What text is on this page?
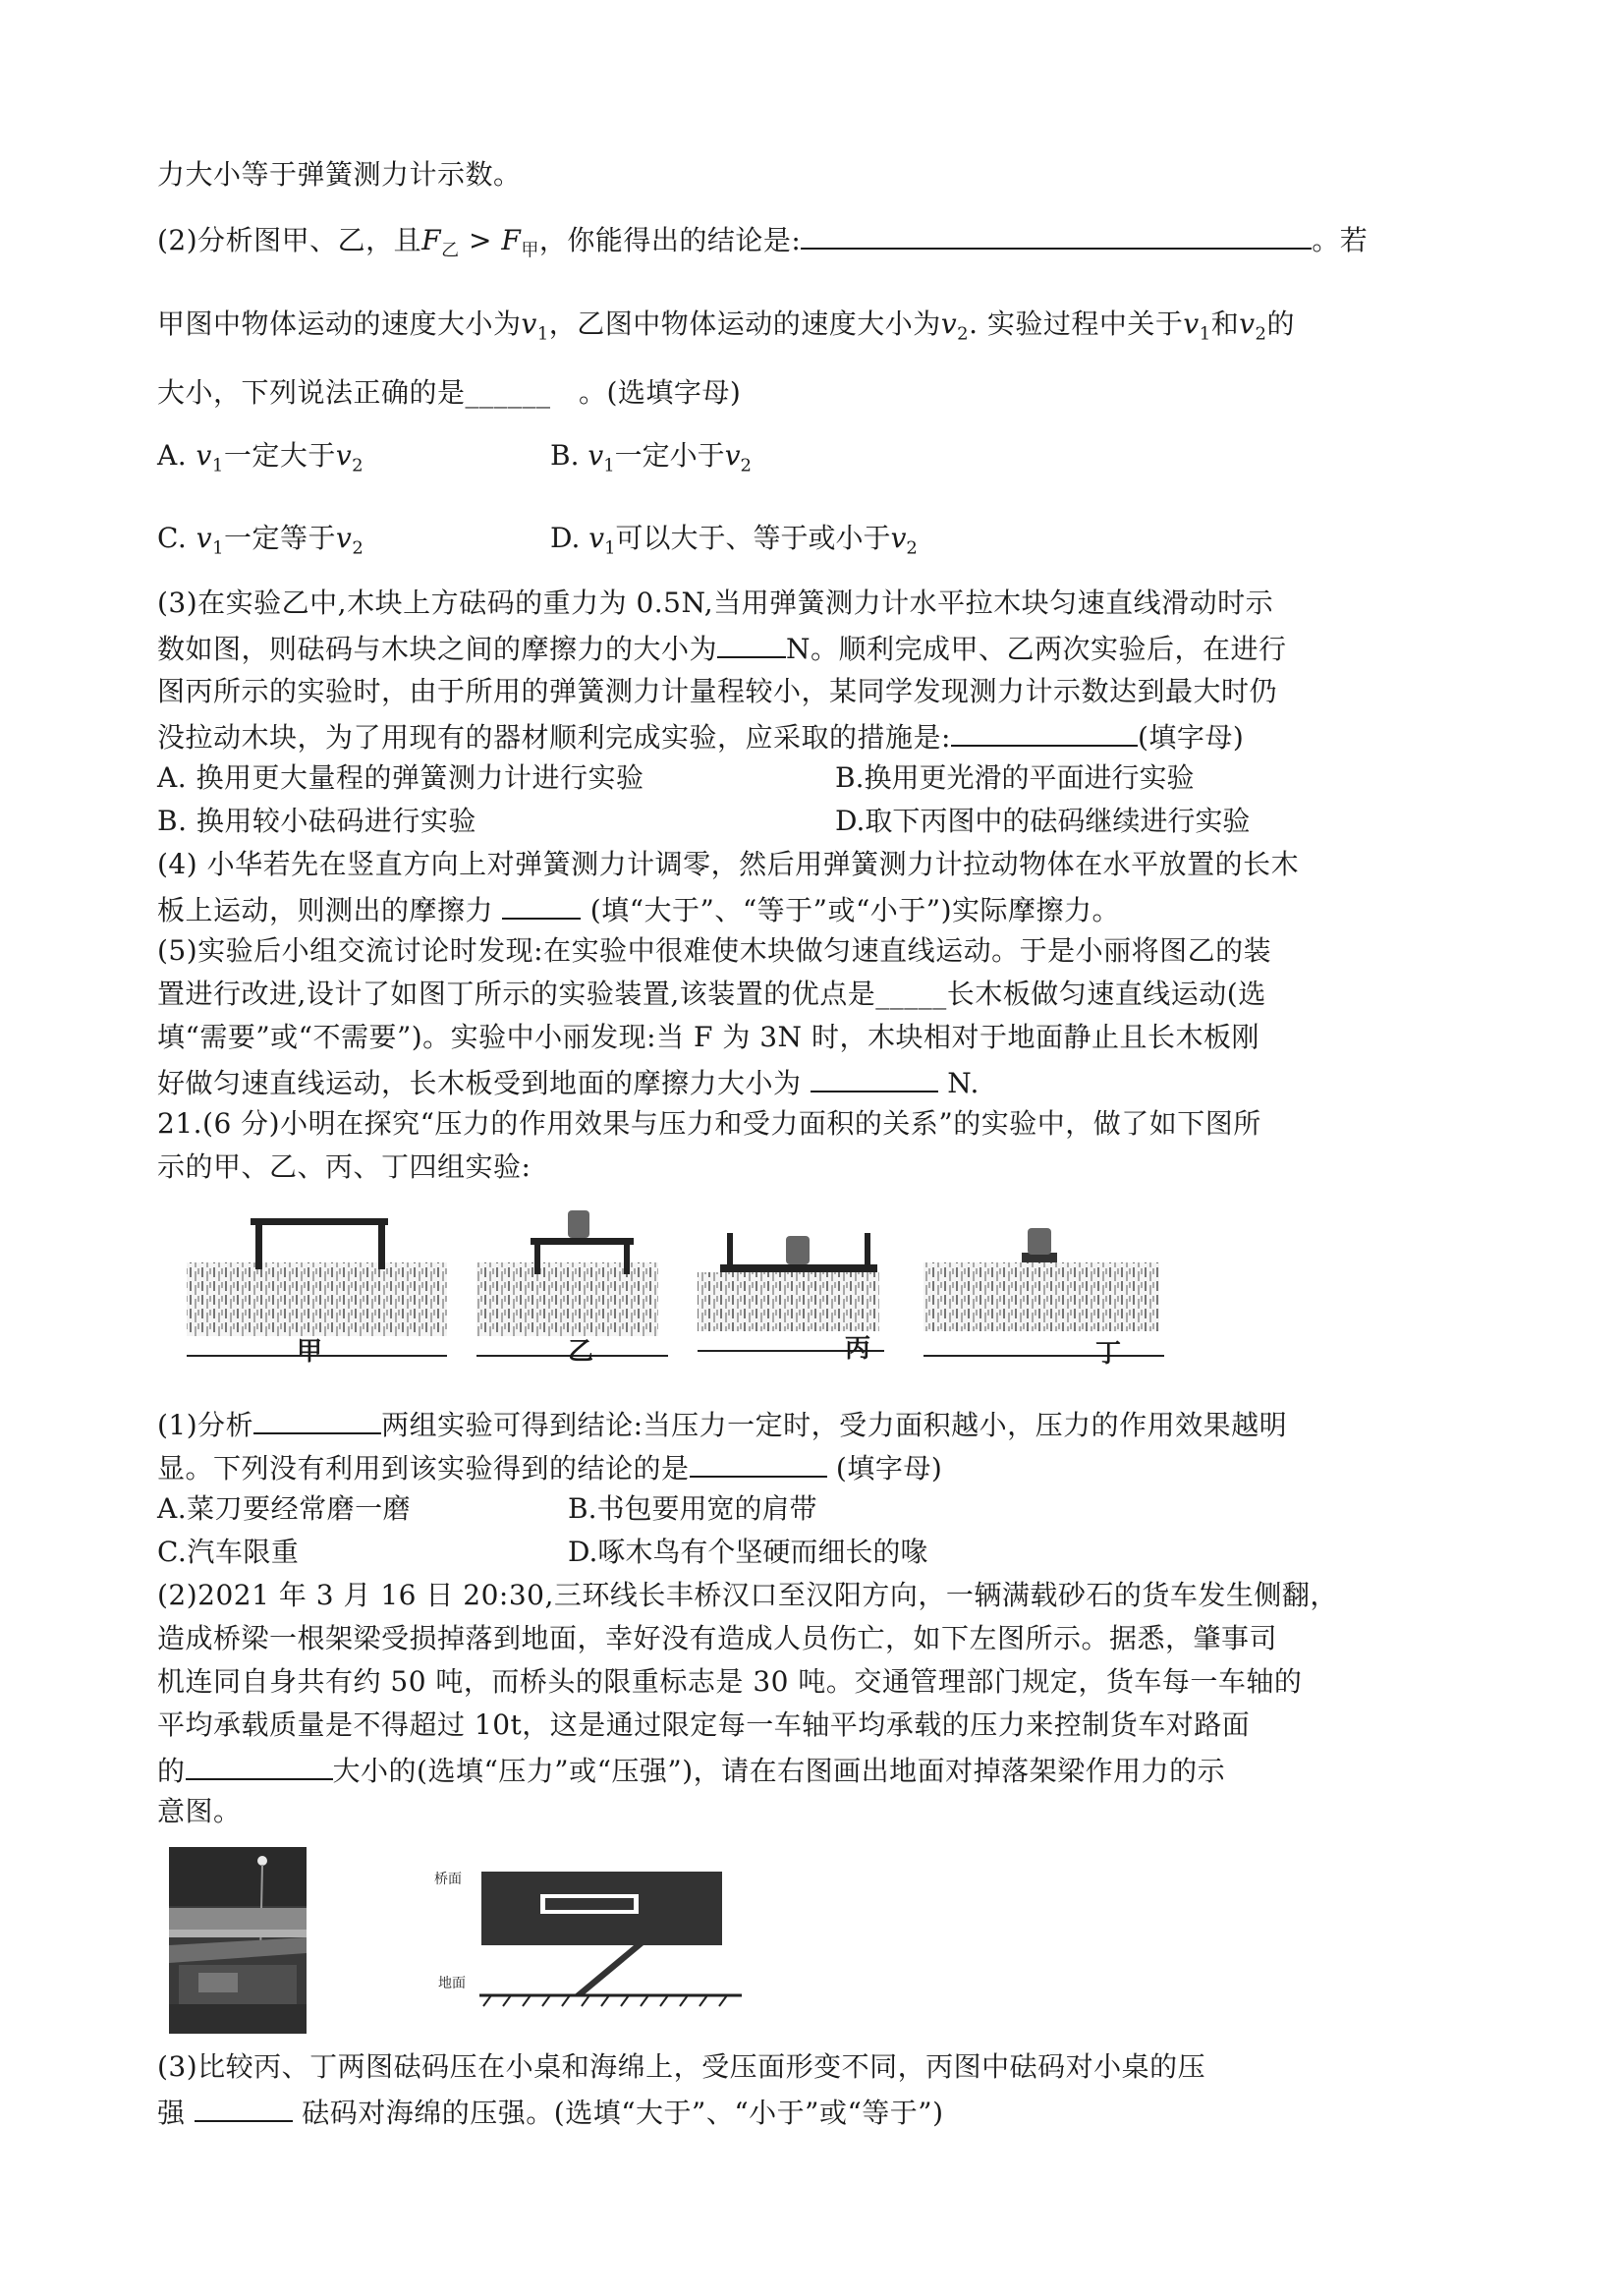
力大小等于弹簧测力计示数。
(2)分析图甲、乙，且$F_乙 > F_甲$，你能得出的结论是:	。若
甲图中物体运动的速度大小为$v_1$，乙图中物体运动的速度大小为$v_2$. 实验过程中关于$v_1$和$v_2$的
大小，下列说法正确的是______　。(选填字母)
A. $v_1$一定大于$v_2$	B. $v_1$一定小于$v_2$
C. $v_1$一定等于$v_2$	D. $v_1$可以大于、等于或小于$v_2$
(3)在实验乙中,木块上方砝码的重力为 0.5N,当用弹簧测力计水平拉木块匀速直线滑动时示
数如图，则砝码与木块之间的摩擦力的大小为	N。顺利完成甲、乙两次实验后，在进行
图丙所示的实验时，由于所用的弹簧测力计量程较小，某同学发现测力计示数达到最大时仍
没拉动木块，为了用现有的器材顺利完成实验，应采取的措施是:	(填字母)
A. 换用更大量程的弹簧测力计进行实验	B.换用更光滑的平面进行实验
B. 换用较小砝码进行实验	D.取下丙图中的砝码继续进行实验
(4) 小华若先在竖直方向上对弹簧测力计调零，然后用弹簧测力计拉动物体在水平放置的长木
板上运动，则测出的摩擦力	(填“大于”、“等于”或“小于”)实际摩擦力。
(5)实验后小组交流讨论时发现:在实验中很难使木块做匀速直线运动。于是小丽将图乙的装
置进行改进,设计了如图丁所示的实验装置,该装置的优点是_____长木板做匀速直线运动(选
填“需要”或“不需要”)。实验中小丽发现:当 F 为 3N 时，木块相对于地面静止且长木板刚
好做匀速直线运动，长木板受到地面的摩擦力大小为	N.
21.(6 分)小明在探究“压力的作用效果与压力和受力面积的关系”的实验中，做了如下图所
示的甲、乙、丙、丁四组实验:
甲	乙	丙	丁
(1)分析	两组实验可得到结论:当压力一定时，受力面积越小，压力的作用效果越明
显。下列没有利用到该实验得到的结论的是	(填字母)
A.菜刀要经常磨一磨	B.书包要用宽的肩带
C.汽车限重	D.啄木鸟有个坚硬而细长的喙
(2)2021 年 3 月 16 日 20:30,三环线长丰桥汉口至汉阳方向，一辆满载砂石的货车发生侧翻，
造成桥梁一根架梁受损掉落到地面，幸好没有造成人员伤亡，如下左图所示。据悉，肇事司
机连同自身共有约 50 吨，而桥头的限重标志是 30 吨。交通管理部门规定，货车每一车轴的
平均承载质量是不得超过 10t，这是通过限定每一车轴平均承载的压力来控制货车对路面
的	大小的(选填“压力”或“压强”)，请在右图画出地面对掉落架梁作用力的示
意图。
桥面
地面
(3)比较丙、丁两图砝码压在小桌和海绵上，受压面形变不同，丙图中砝码对小桌的压
强	砝码对海绵的压强。(选填“大于”、“小于”或“等于”)
